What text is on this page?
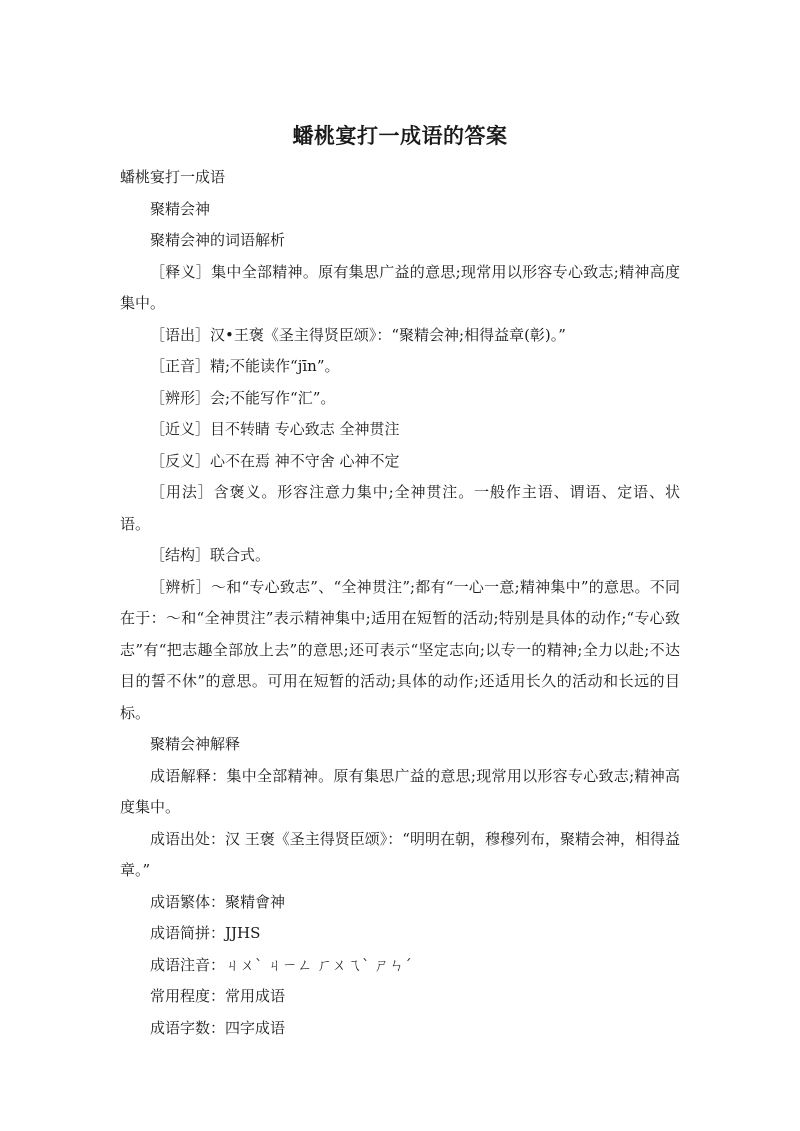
蟠桃宴打一成语的答案

蟠桃宴打一成语

聚精会神

聚精会神的词语解析

［释义］集中全部精神。原有集思广益的意思;现常用以形容专心致志;精神高度集中。

［语出］汉•王褒《圣主得贤臣颂》：“聚精会神;相得益章(彰)。”

［正音］精;不能读作“jīn”。

［辨形］会;不能写作“汇”。

［近义］目不转睛 专心致志 全神贯注

［反义］心不在焉 神不守舍 心神不定

［用法］含褒义。形容注意力集中;全神贯注。一般作主语、谓语、定语、状语。

［结构］联合式。

［辨析］～和“专心致志”、“全神贯注”;都有“一心一意;精神集中”的意思。不同在于：～和“全神贯注”表示精神集中;适用在短暂的活动;特别是具体的动作;“专心致志”有“把志趣全部放上去”的意思;还可表示“坚定志向;以专一的精神;全力以赴;不达目的誓不休”的意思。可用在短暂的活动;具体的动作;还适用长久的活动和长远的目标。

聚精会神解释

成语解释：集中全部精神。原有集思广益的意思;现常用以形容专心致志;精神高度集中。

成语出处：汉 王褒《圣主得贤臣颂》：“明明在朝，穆穆列布，聚精会神，相得益章。”

成语繁体：聚精會神

成语简拼：JJHS

成语注音：ㄐㄨˋ ㄐㄧㄥ ㄏㄨㄟˋ ㄕㄣˊ

常用程度：常用成语

成语字数：四字成语
